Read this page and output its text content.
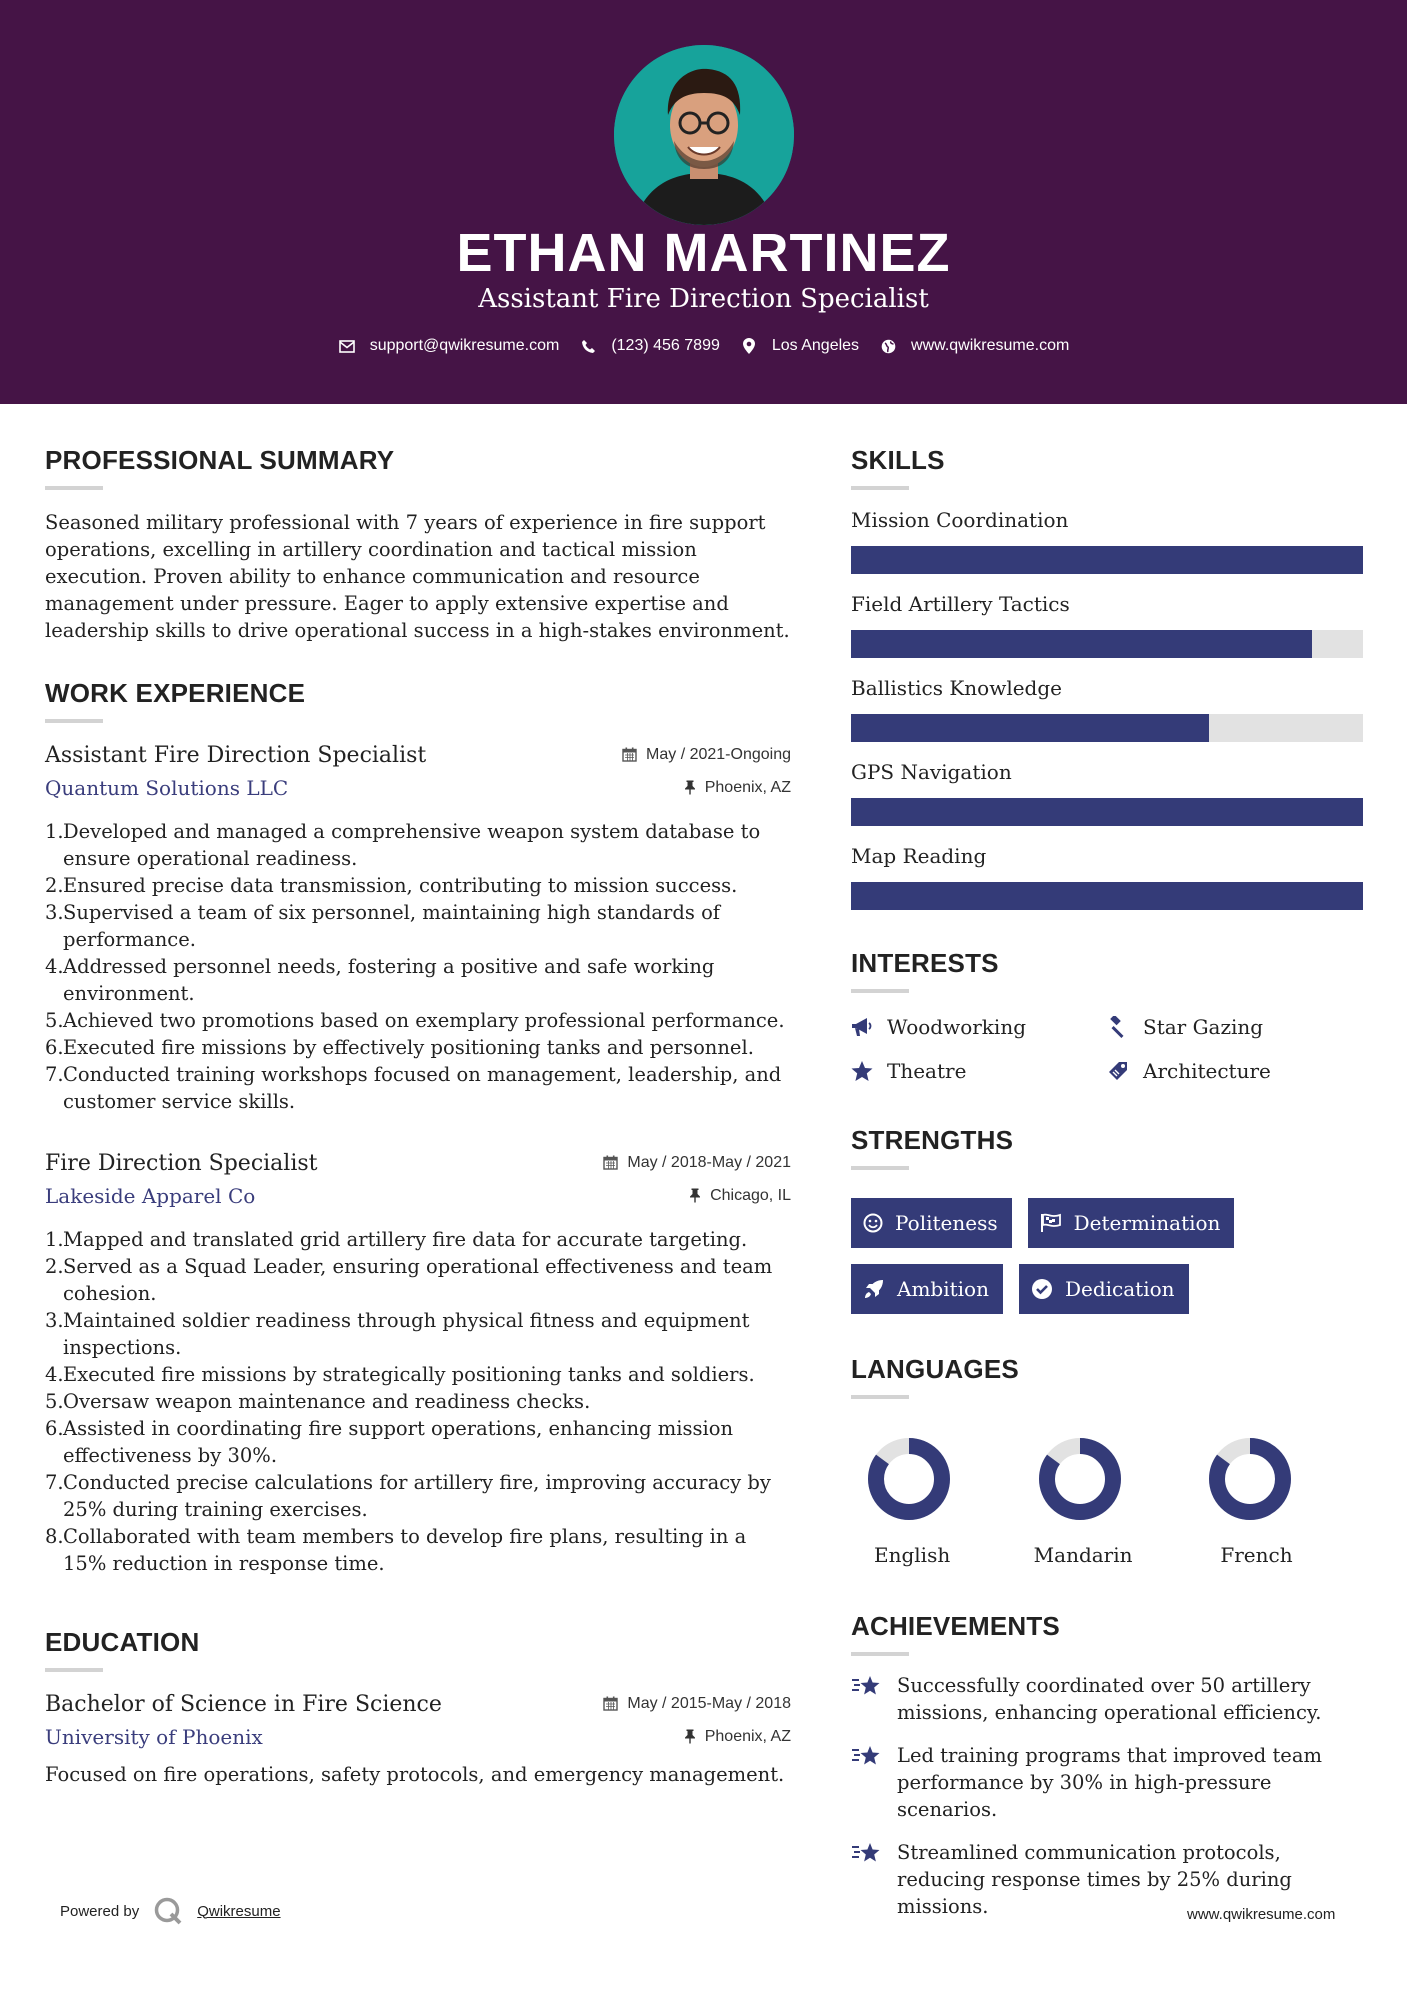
ETHAN MARTINEZ
Assistant Fire Direction Specialist
support@qwikresume.com	(123) 456 7899	Los Angeles	www.qwikresume.com
PROFESSIONAL SUMMARY

Seasoned military professional with 7 years of experience in fire support operations, excelling in artillery coordination and tactical mission execution. Proven ability to enhance communication and resource management under pressure. Eager to apply extensive expertise and leadership skills to drive operational success in a high-stakes environment.

WORK EXPERIENCE
Assistant Fire Direction Specialist	May / 2021-Ongoing
Quantum Solutions LLC	Phoenix, AZ
1. Developed and managed a comprehensive weapon system database to ensure operational readiness.
2. Ensured precise data transmission, contributing to mission success.
3. Supervised a team of six personnel, maintaining high standards of performance.
4. Addressed personnel needs, fostering a positive and safe working environment.
5. Achieved two promotions based on exemplary professional performance.
6. Executed fire missions by effectively positioning tanks and personnel.
7. Conducted training workshops focused on management, leadership, and customer service skills.
Fire Direction Specialist	May / 2018-May / 2021
Lakeside Apparel Co	Chicago, IL
1. Mapped and translated grid artillery fire data for accurate targeting.
2. Served as a Squad Leader, ensuring operational effectiveness and team cohesion.
3. Maintained soldier readiness through physical fitness and equipment inspections.
4. Executed fire missions by strategically positioning tanks and soldiers.
5. Oversaw weapon maintenance and readiness checks.
6. Assisted in coordinating fire support operations, enhancing mission effectiveness by 30%.
7. Conducted precise calculations for artillery fire, improving accuracy by 25% during training exercises.
8. Collaborated with team members to develop fire plans, resulting in a 15% reduction in response time.
EDUCATION
Bachelor of Science in Fire Science	May / 2015-May / 2018
University of Phoenix	Phoenix, AZ

Focused on fire operations, safety protocols, and emergency management.

SKILLS
Mission Coordination
Field Artillery Tactics
Ballistics Knowledge
GPS Navigation
Map Reading
INTERESTS
Woodworking	Star Gazing
Theatre	Architecture
STRENGTHS
Politeness	Determination
Ambition	Dedication
LANGUAGES
English	Mandarin	French
ACHIEVEMENTS
Successfully coordinated over 50 artillery missions, enhancing operational efficiency.
Led training programs that improved team performance by 30% in high-pressure scenarios.
Streamlined communication protocols, reducing response times by 25% during missions.
Powered by	Qwikresume	www.qwikresume.com
